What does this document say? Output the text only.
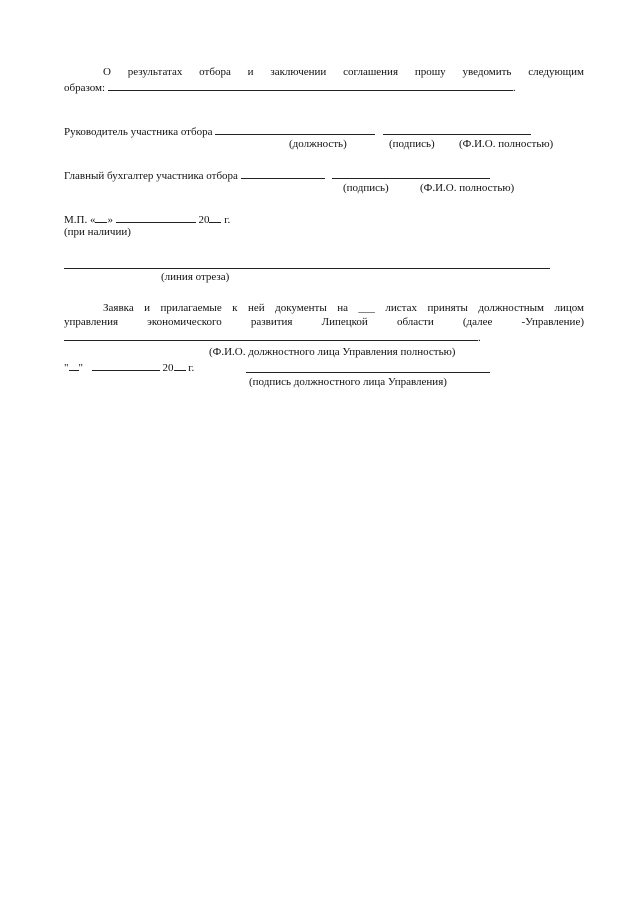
О результатах отбора и заключении соглашения прошу уведомить следующим
образом:	.
Руководитель участника отбора
(должность)	(подпись) (Ф.И.О. полностью)
Главный бухгалтер участника отбора
(подпись)	(Ф.И.О. полностью)
М.П. « »	20 г.
(при наличии)
(линия отреза)
Заявка и прилагаемые к ней документы на ___ листах приняты должностным лицом
управления экономического развития Липецкой области (далее -Управление)
.
(Ф.И.О. должностного лица Управления полностью)
" "	20 г.
(подпись должностного лица Управления)
